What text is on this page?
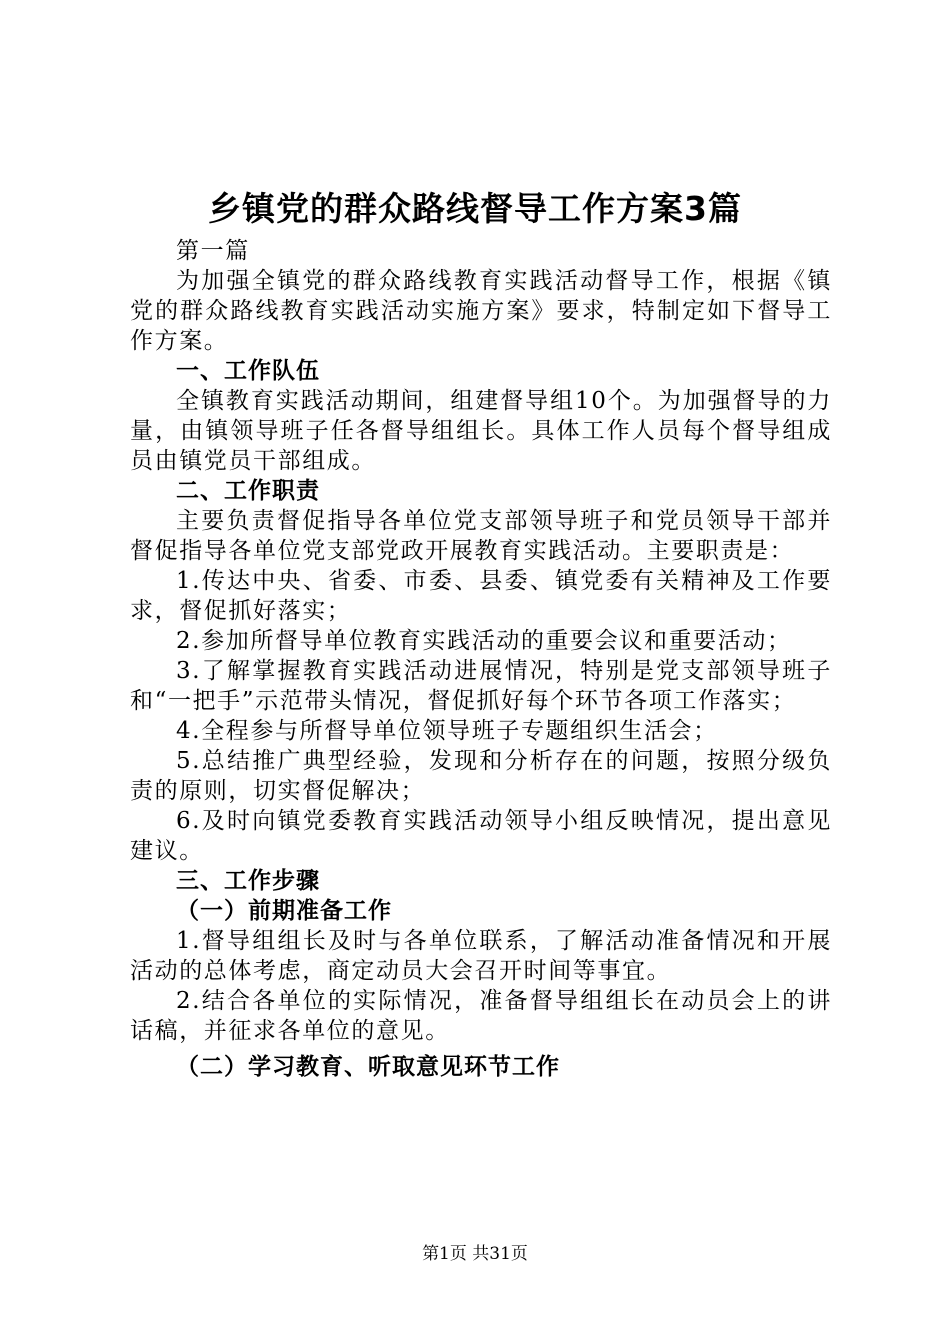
乡镇党的群众路线督导工作方案3篇

第一篇

为加强全镇党的群众路线教育实践活动督导工作，根据《镇党的群众路线教育实践活动实施方案》要求，特制定如下督导工作方案。

一、工作队伍

全镇教育实践活动期间，组建督导组10个。为加强督导的力量，由镇领导班子任各督导组组长。具体工作人员每个督导组成员由镇党员干部组成。

二、工作职责

主要负责督促指导各单位党支部领导班子和党员领导干部并督促指导各单位党支部党政开展教育实践活动。主要职责是：

1.传达中央、省委、市委、县委、镇党委有关精神及工作要求，督促抓好落实；

2.参加所督导单位教育实践活动的重要会议和重要活动；

3.了解掌握教育实践活动进展情况，特别是党支部领导班子和“一把手”示范带头情况，督促抓好每个环节各项工作落实；

4.全程参与所督导单位领导班子专题组织生活会；

5.总结推广典型经验，发现和分析存在的问题，按照分级负责的原则，切实督促解决；

6.及时向镇党委教育实践活动领导小组反映情况，提出意见建议。

三、工作步骤

（一）前期准备工作

1.督导组组长及时与各单位联系，了解活动准备情况和开展活动的总体考虑，商定动员大会召开时间等事宜。

2.结合各单位的实际情况，准备督导组组长在动员会上的讲话稿，并征求各单位的意见。

（二）学习教育、听取意见环节工作

第1页 共31页
